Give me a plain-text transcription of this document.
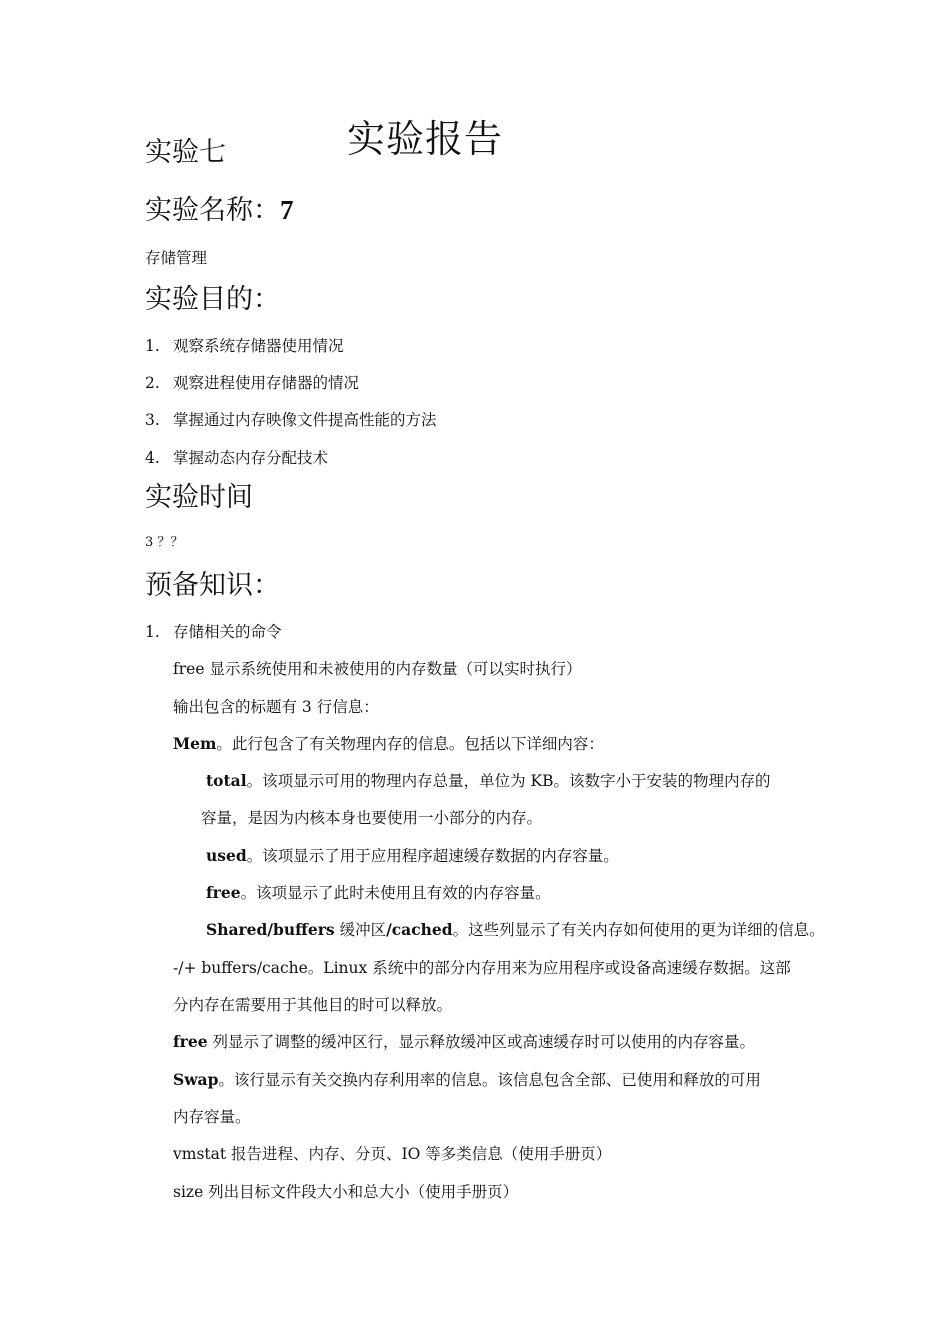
实验七	实验报告
实验名称：7
存储管理
实验目的：
1. 观察系统存储器使用情况
2. 观察进程使用存储器的情况
3. 掌握通过内存映像文件提高性能的方法
4. 掌握动态内存分配技术
实验时间
3 ？？
预备知识：
1. 存储相关的命令
free 显示系统使用和未被使用的内存数量（可以实时执行）
输出包含的标题有 3 行信息：
Mem。此行包含了有关物理内存的信息。包括以下详细内容：
total。该项显示可用的物理内存总量，单位为 KB。该数字小于安装的物理内存的
容量，是因为内核本身也要使用一小部分的内存。
used。该项显示了用于应用程序超速缓存数据的内存容量。
free。该项显示了此时未使用且有效的内存容量。
Shared/buffers 缓冲区/cached。这些列显示了有关内存如何使用的更为详细的信息。
-/+ buffers/cache。Linux 系统中的部分内存用来为应用程序或设备高速缓存数据。这部
分内存在需要用于其他目的时可以释放。
free 列显示了调整的缓冲区行，显示释放缓冲区或高速缓存时可以使用的内存容量。
Swap。该行显示有关交换内存利用率的信息。该信息包含全部、已使用和释放的可用
内存容量。
vmstat 报告进程、内存、分页、IO 等多类信息（使用手册页）
size 列出目标文件段大小和总大小（使用手册页）
